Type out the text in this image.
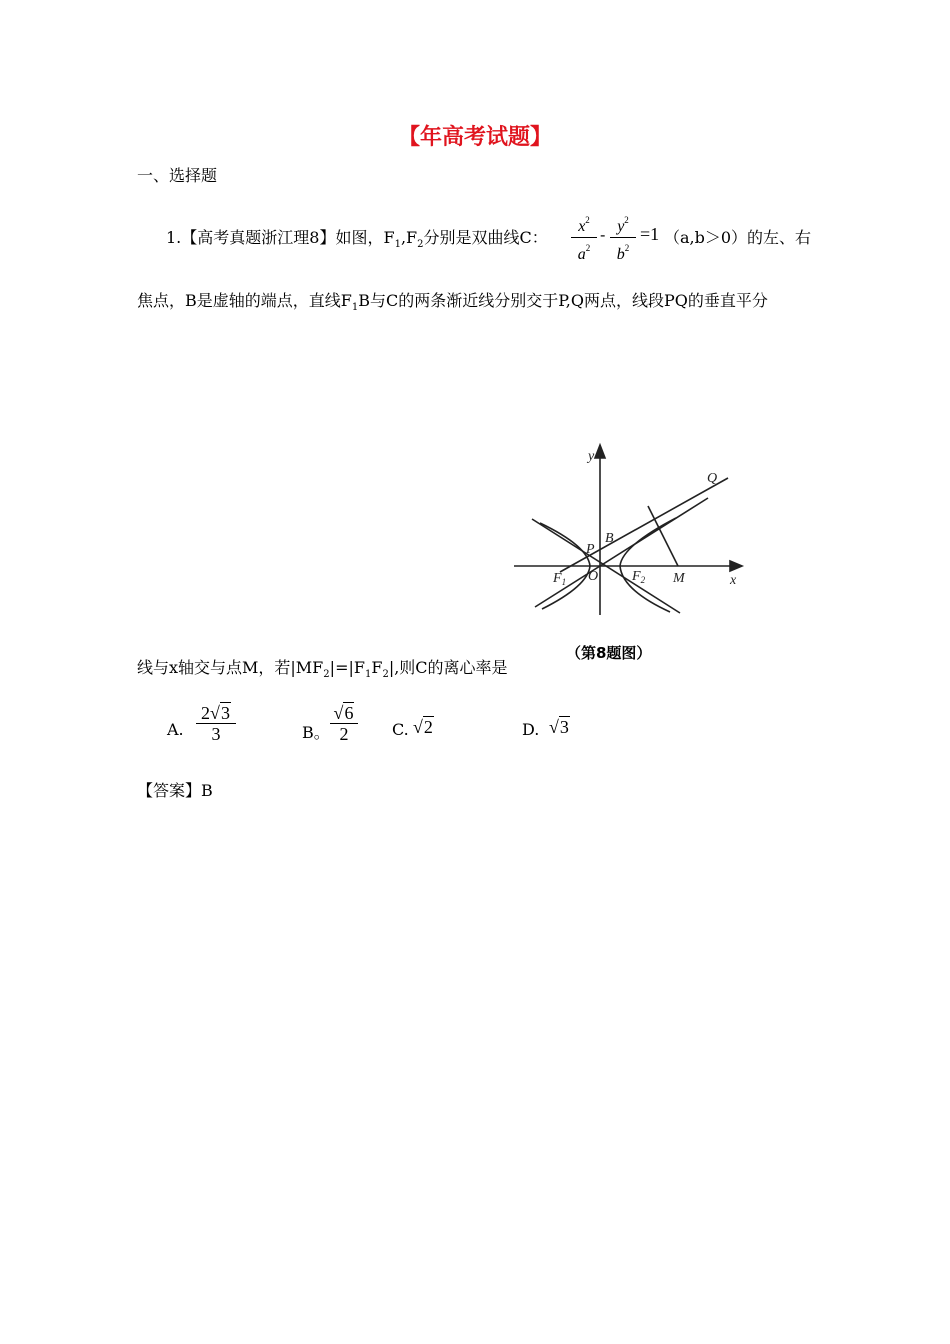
【年高考试题】
一、选择题
1.【高考真题浙江理8】如图，$F_1,F_2$分别是双曲线C：
$x^2$
$a^2$
- $y^2$
$b^2$
=1 （a,b＞0）的左、右
焦点，B是虚轴的端点，直线$F_1B$与C的两条渐近线分别交于P,Q两点，线段PQ的垂直平分
y
x
Q
B
P
O
$F_1$	$F_2$ M
（第8题图）
线与x轴交与点M，若$|MF_2|=|F_1F_2|$,则C的离心率是
A.
2√3
3	B。
√6
2	C. √2	D. √3
【答案】B
